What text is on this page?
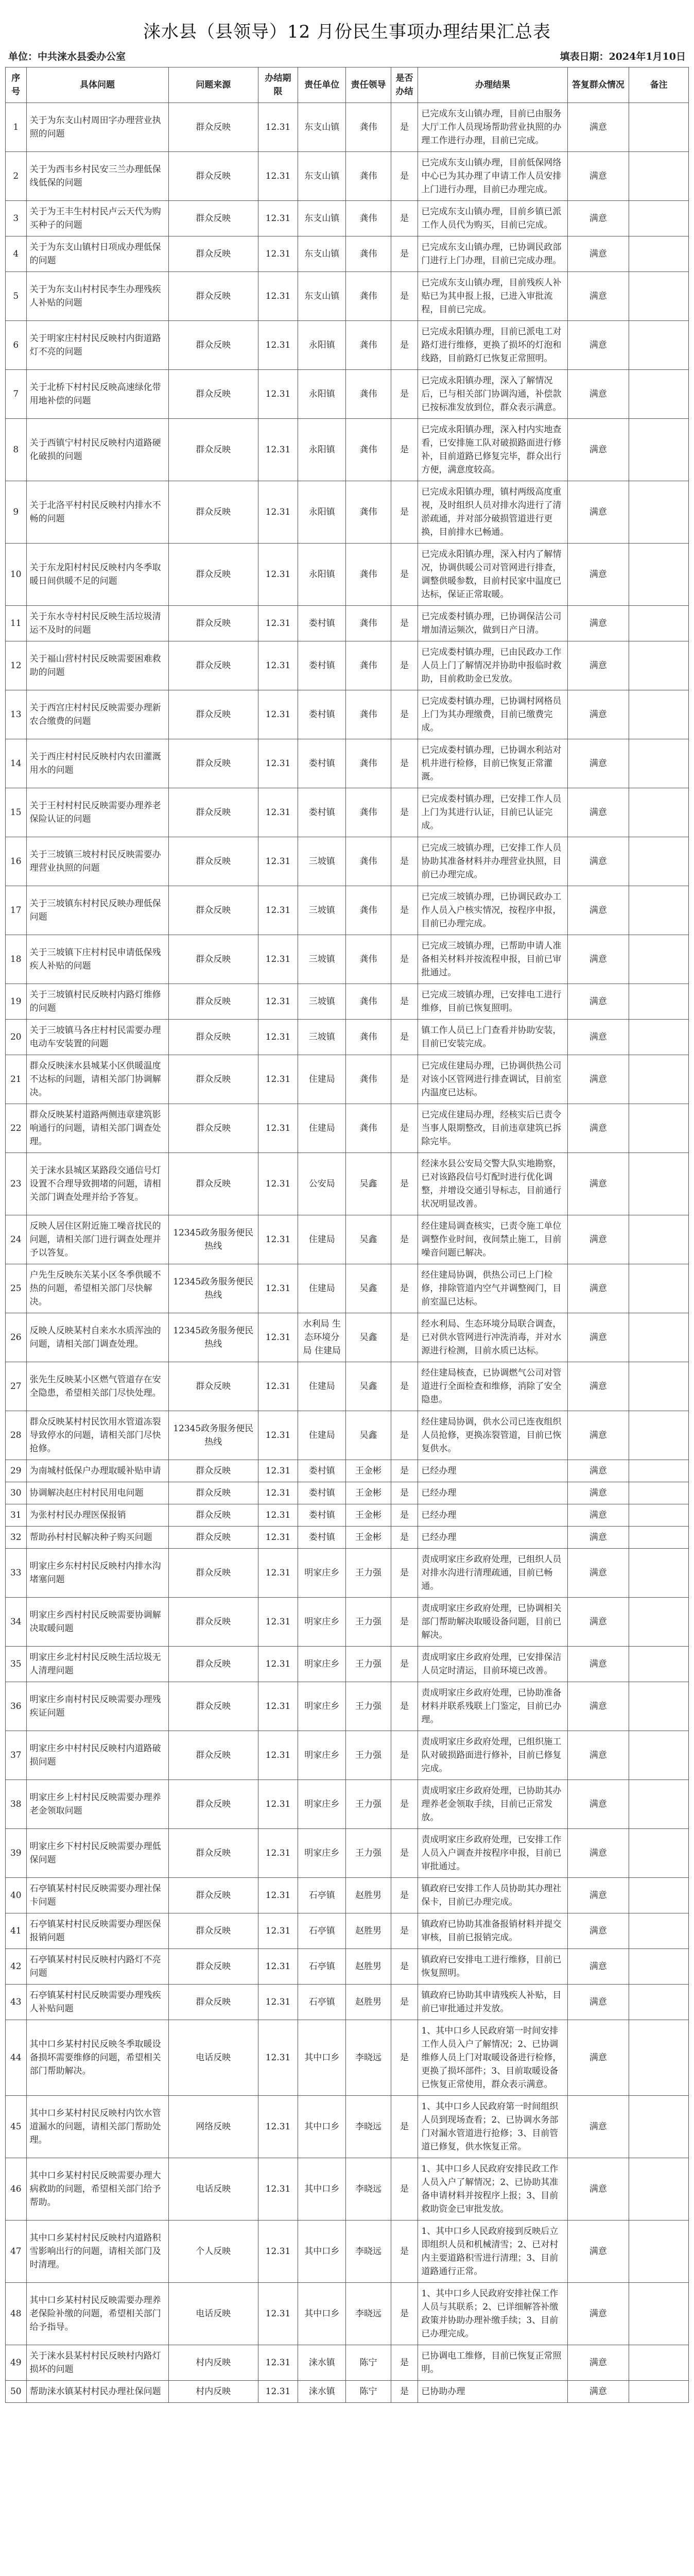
涞水县（县领导）12 月份民生事项办理结果汇总表
单位：中共涞水县委办公室	填表日期：2024年1月10日
序号	具体问题	问题来源	办结期限	责任单位	责任领导	是否办结	办理结果	答复群众情况	备注
1	关于为东支山村周田字办理营业执照的问题	群众反映	12.31	东支山镇	龚伟	是	已完成东支山镇办理，目前已由服务大厅工作人员现场帮助营业执照的办理工作进行办理，目前已完成。	满意	
2	关于为西韦乡村民安三兰办理低保线低保的问题	群众反映	12.31	东支山镇	龚伟	是	已完成东支山镇办理，目前低保网络中心已为其办理了申请工作人员安排上门进行办理，目前已办理完成。	满意	
3	关于为王丰生村村民卢云天代为购买种子的问题	群众反映	12.31	东支山镇	龚伟	是	已完成东支山镇办理，目前乡镇已派工作人员代为购买，目前已完成。	满意	
4	关于为东支山镇村日项成办理低保的问题	群众反映	12.31	东支山镇	龚伟	是	已完成东支山镇办理，已协调民政部门进行上门办理，目前已完成办理。	满意	
5	关于为东支山村村民李生办理残疾人补贴的问题	群众反映	12.31	东支山镇	龚伟	是	已完成东支山镇办理，目前残疾人补贴已为其申报上报，已进入审批流程，目前已完成。	满意	
6	关于明家庄村村民反映村内街道路灯不亮的问题	群众反映	12.31	永阳镇	龚伟	是	已完成永阳镇办理，目前已派电工对路灯进行维修，更换了损坏的灯泡和线路，目前路灯已恢复正常照明。	满意	
7	关于北桥下村村民反映高速绿化带用地补偿的问题	群众反映	12.31	永阳镇	龚伟	是	已完成永阳镇办理，深入了解情况后，已与相关部门协调沟通，补偿款已按标准发放到位，群众表示满意。	满意	
8	关于西镇宁村村民反映村内道路硬化破损的问题	群众反映	12.31	永阳镇	龚伟	是	已完成永阳镇办理，深入村内实地查看，已安排施工队对破损路面进行修补，目前道路已修复完毕，群众出行方便，满意度较高。	满意	
9	关于北洛平村村民反映村内排水不畅的问题	群众反映	12.31	永阳镇	龚伟	是	已完成永阳镇办理，镇村两级高度重视，及时组织人员对排水沟进行了清淤疏通，并对部分破损管道进行更换，目前排水已畅通。	满意	
10	关于东龙阳村村民反映村内冬季取暖日间供暖不足的问题	群众反映	12.31	永阳镇	龚伟	是	已完成永阳镇办理，深入村内了解情况，协调供暖公司对管网进行排查，调整供暖参数，目前村民家中温度已达标，保证正常取暖。	满意	
11	关于东水寺村村民反映生活垃圾清运不及时的问题	群众反映	12.31	娄村镇	龚伟	是	已完成娄村镇办理，已协调保洁公司增加清运频次，做到日产日清。	满意	
12	关于福山营村村民反映需要困难救助的问题	群众反映	12.31	娄村镇	龚伟	是	已完成娄村镇办理，已由民政办工作人员上门了解情况并协助申报临时救助，目前救助金已发放。	满意	
13	关于西宫庄村村民反映需要办理新农合缴费的问题	群众反映	12.31	娄村镇	龚伟	是	已完成娄村镇办理，已协调村网格员上门为其办理缴费，目前已缴费完成。	满意	
14	关于西庄村村民反映村内农田灌溉用水的问题	群众反映	12.31	娄村镇	龚伟	是	已完成娄村镇办理，已协调水利站对机井进行检修，目前已恢复正常灌溉。	满意	
15	关于王村村村民反映需要办理养老保险认证的问题	群众反映	12.31	娄村镇	龚伟	是	已完成娄村镇办理，已安排工作人员上门为其进行认证，目前已认证完成。	满意	
16	关于三坡镇三坡村村民反映需要办理营业执照的问题	群众反映	12.31	三坡镇	龚伟	是	已完成三坡镇办理，已安排工作人员协助其准备材料并办理营业执照，目前已办理完成。	满意	
17	关于三坡镇东村村民反映办理低保问题	群众反映	12.31	三坡镇	龚伟	是	已完成三坡镇办理，已协调民政办工作人员入户核实情况，按程序申报，目前已办理完成。	满意	
18	关于三坡镇下庄村村民申请低保残疾人补贴的问题	群众反映	12.31	三坡镇	龚伟	是	已完成三坡镇办理，已帮助申请人准备相关材料并按流程申报，目前已审批通过。	满意	
19	关于三坡镇村民反映村内路灯维修的问题	群众反映	12.31	三坡镇	龚伟	是	已完成三坡镇办理，已安排电工进行维修，目前已恢复照明。	满意	
20	关于三坡镇马各庄村村民需要办理电动车安装置的问题	群众反映	12.31	三坡镇	龚伟	是	镇工作人员已上门查看并协助安装，目前已安装完成。	满意	
21	群众反映涞水县城某小区供暖温度不达标的问题，请相关部门协调解决。	群众反映	12.31	住建局	龚伟	是	已完成住建局办理，已协调供热公司对该小区管网进行排查调试，目前室内温度已达标。	满意	
22	群众反映某村道路两侧违章建筑影响通行的问题，请相关部门调查处理。	群众反映	12.31	住建局	龚伟	是	已完成住建局办理，经核实后已责令当事人限期整改，目前违章建筑已拆除完毕。	满意	
23	关于涞水县城区某路段交通信号灯设置不合理导致拥堵的问题，请相关部门调查处理并给予答复。	群众反映	12.31	公安局	吴鑫	是	经涞水县公安局交警大队实地勘察，已对该路段信号灯配时进行优化调整，并增设交通引导标志，目前通行状况明显改善。	满意	
24	反映人居住区附近施工噪音扰民的问题，请相关部门进行调查处理并予以答复。	12345政务服务便民热线	12.31	住建局	吴鑫	是	经住建局调查核实，已责令施工单位调整作业时间，夜间禁止施工，目前噪音问题已解决。	满意	
25	户先生反映东关某小区冬季供暖不热的问题，希望相关部门尽快解决。	12345政务服务便民热线	12.31	住建局	吴鑫	是	经住建局协调，供热公司已上门检修，排除管道内空气并调整阀门，目前室温已达标。	满意	
26	反映人反映某村自来水水质浑浊的问题，请相关部门调查处理。	12345政务服务便民热线	12.31	水利局 生态环境分局 住建局	吴鑫	是	经水利局、生态环境分局联合调查，已对供水管网进行冲洗消毒，并对水源进行检测，目前水质已达标。	满意	
27	张先生反映某小区燃气管道存在安全隐患，希望相关部门尽快处理。	群众反映	12.31	住建局	吴鑫	是	经住建局核查，已协调燃气公司对管道进行全面检查和维修，消除了安全隐患。	满意	
28	群众反映某村村民饮用水管道冻裂导致停水的问题，请相关部门尽快抢修。	12345政务服务便民热线	12.31	住建局	吴鑫	是	经住建局协调，供水公司已连夜组织人员抢修，更换冻裂管道，目前已恢复供水。	满意	
29	为南城村低保户办理取暖补贴申请	群众反映	12.31	娄村镇	王金彬	是	已经办理	满意	
30	协调解决赵庄村村民用电问题	群众反映	12.31	娄村镇	王金彬	是	已经办理	满意	
31	为张村村民办理医保报销	群众反映	12.31	娄村镇	王金彬	是	已经办理	满意	
32	帮助孙村村民解决种子购买问题	群众反映	12.31	娄村镇	王金彬	是	已经办理	满意	
33	明家庄乡东村村民反映村内排水沟堵塞问题	群众反映	12.31	明家庄乡	王力强	是	责成明家庄乡政府处理，已组织人员对排水沟进行清理疏通，目前已畅通。	满意	
34	明家庄乡西村村民反映需要协调解决取暖问题	群众反映	12.31	明家庄乡	王力强	是	责成明家庄乡政府处理，已协调相关部门帮助解决取暖设备问题，目前已解决。	满意	
35	明家庄乡北村村民反映生活垃圾无人清理问题	群众反映	12.31	明家庄乡	王力强	是	责成明家庄乡政府处理，已安排保洁人员定时清运，目前环境已改善。	满意	
36	明家庄乡南村村民反映需要办理残疾证问题	群众反映	12.31	明家庄乡	王力强	是	责成明家庄乡政府处理，已协助准备材料并联系残联上门鉴定，目前已办理。	满意	
37	明家庄乡中村村民反映村内道路破损问题	群众反映	12.31	明家庄乡	王力强	是	责成明家庄乡政府处理，已组织施工队对破损路面进行修补，目前已修复完成。	满意	
38	明家庄乡上村村民反映需要办理养老金领取问题	群众反映	12.31	明家庄乡	王力强	是	责成明家庄乡政府处理，已协助其办理养老金领取手续，目前已正常发放。	满意	
39	明家庄乡下村村民反映需要办理低保问题	群众反映	12.31	明家庄乡	王力强	是	责成明家庄乡政府处理，已安排工作人员入户调查并按程序申报，目前已审批通过。	满意	
40	石亭镇某村村民反映需要办理社保卡问题	群众反映	12.31	石亭镇	赵胜男	是	镇政府已安排工作人员协助其办理社保卡，目前已办理完成。	满意	
41	石亭镇某村村民反映需要办理医保报销问题	群众反映	12.31	石亭镇	赵胜男	是	镇政府已协助其准备报销材料并提交审核，目前已报销完成。	满意	
42	石亭镇某村村民反映村内路灯不亮问题	群众反映	12.31	石亭镇	赵胜男	是	镇政府已安排电工进行维修，目前已恢复照明。	满意	
43	石亭镇某村村民反映需要办理残疾人补贴问题	群众反映	12.31	石亭镇	赵胜男	是	镇政府已协助其申请残疾人补贴，目前已审批通过并发放。	满意	
44	其中口乡某村村民反映冬季取暖设备损坏需要维修的问题，希望相关部门帮助解决。	电话反映	12.31	其中口乡	李晓远	是	1、其中口乡人民政府第一时间安排工作人员入户了解情况；2、已协调维修人员上门对取暖设备进行检修，更换了损坏部件；3、目前取暖设备已恢复正常使用，群众表示满意。	满意	
45	其中口乡某村村民反映村内饮水管道漏水的问题，请相关部门帮助处理。	网络反映	12.31	其中口乡	李晓远	是	1、其中口乡人民政府第一时间组织人员到现场查看；2、已协调水务部门对漏水管道进行抢修；3、目前管道已修复，供水恢复正常。	满意	
46	其中口乡某村村民反映需要办理大病救助的问题，希望相关部门给予帮助。	电话反映	12.31	其中口乡	李晓远	是	1、其中口乡人民政府安排民政工作人员入户了解情况；2、已协助其准备申请材料并按程序上报；3、目前救助资金已审批发放。	满意	
47	其中口乡某村村民反映村内道路积雪影响出行的问题，请相关部门及时清理。	个人反映	12.31	其中口乡	李晓远	是	1、其中口乡人民政府接到反映后立即组织人员和机械清雪；2、已对村内主要道路积雪进行清理；3、目前道路通行正常。	满意	
48	其中口乡某村村民反映需要办理养老保险补缴的问题，希望相关部门给予指导。	电话反映	12.31	其中口乡	李晓远	是	1、其中口乡人民政府安排社保工作人员与其联系；2、已详细解答补缴政策并协助办理补缴手续；3、目前已办理完成。	满意	
49	关于涞水县某村村民反映村内路灯损坏的问题	村内反映	12.31	涞水镇	陈宁	是	已协调电工维修，目前已恢复正常照明。	满意	
50	帮助涞水镇某村村民办理社保问题	村内反映	12.31	涞水镇	陈宁	是	已协助办理	满意	
